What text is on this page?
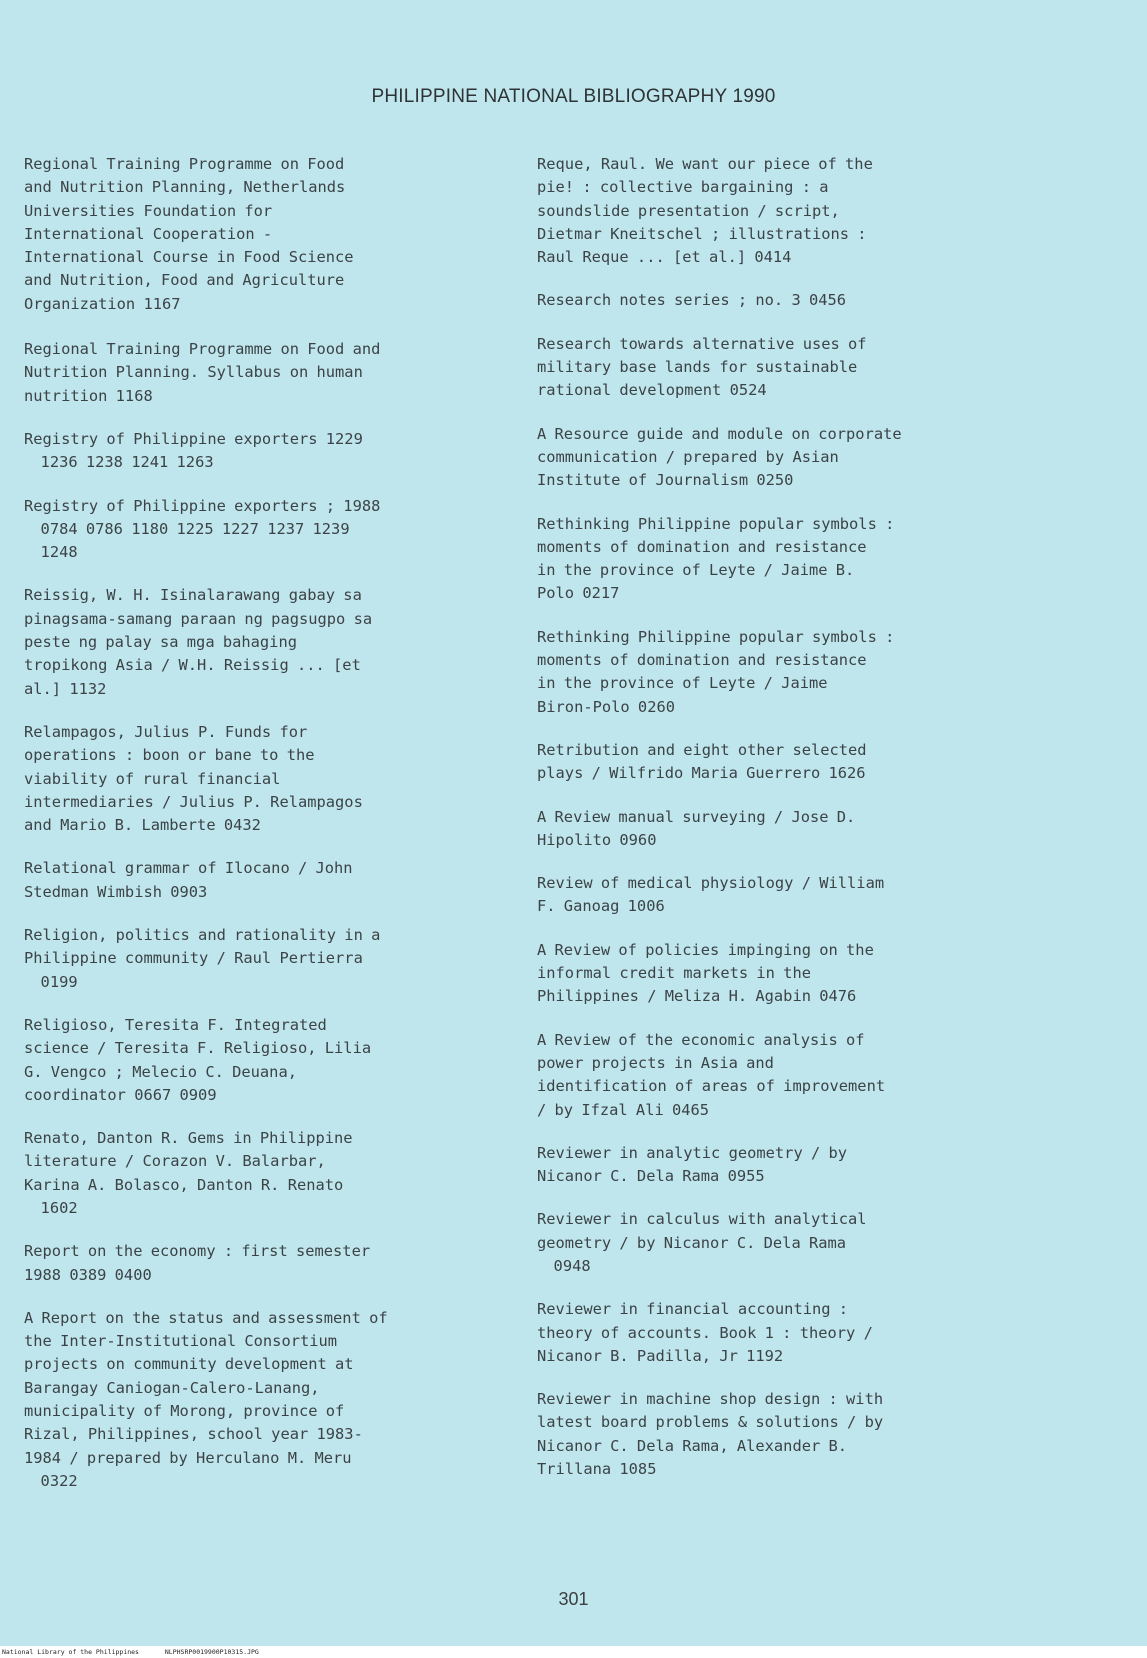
PHILIPPINE NATIONAL BIBLIOGRAPHY 1990
Regional Training Programme on Food
and Nutrition Planning, Netherlands
Universities Foundation for
International Cooperation -
International Course in Food Science
and Nutrition, Food and Agriculture
Organization 1167
Regional Training Programme on Food and
Nutrition Planning. Syllabus on human
nutrition 1168
Registry of Philippine exporters 1229
1236 1238 1241 1263
Registry of Philippine exporters ; 1988
0784 0786 1180 1225 1227 1237 1239
1248
Reissig, W. H. Isinalarawang gabay sa
pinagsama-samang paraan ng pagsugpo sa
peste ng palay sa mga bahaging
tropikong Asia / W.H. Reissig ... [et
al.] 1132
Relampagos, Julius P. Funds for
operations : boon or bane to the
viability of rural financial
intermediaries / Julius P. Relampagos
and Mario B. Lamberte 0432
Relational grammar of Ilocano / John
Stedman Wimbish 0903
Religion, politics and rationality in a
Philippine community / Raul Pertierra
0199
Religioso, Teresita F. Integrated
science / Teresita F. Religioso, Lilia
G. Vengco ; Melecio C. Deuana,
coordinator 0667 0909
Renato, Danton R. Gems in Philippine
literature / Corazon V. Balarbar,
Karina A. Bolasco, Danton R. Renato
1602
Report on the economy : first semester
1988 0389 0400
A Report on the status and assessment of
the Inter-Institutional Consortium
projects on community development at
Barangay Caniogan-Calero-Lanang,
municipality of Morong, province of
Rizal, Philippines, school year 1983-
1984 / prepared by Herculano M. Meru
0322
Reque, Raul. We want our piece of the
pie! : collective bargaining : a
soundslide presentation / script,
Dietmar Kneitschel ; illustrations :
Raul Reque ... [et al.] 0414
Research notes series ; no. 3 0456
Research towards alternative uses of
military base lands for sustainable
rational development 0524
A Resource guide and module on corporate
communication / prepared by Asian
Institute of Journalism 0250
Rethinking Philippine popular symbols :
moments of domination and resistance
in the province of Leyte / Jaime B.
Polo 0217
Rethinking Philippine popular symbols :
moments of domination and resistance
in the province of Leyte / Jaime
Biron-Polo 0260
Retribution and eight other selected
plays / Wilfrido Maria Guerrero 1626
A Review manual surveying / Jose D.
Hipolito 0960
Review of medical physiology / William
F. Ganoag 1006
A Review of policies impinging on the
informal credit markets in the
Philippines / Meliza H. Agabin 0476
A Review of the economic analysis of
power projects in Asia and
identification of areas of improvement
/ by Ifzal Ali 0465
Reviewer in analytic geometry / by
Nicanor C. Dela Rama 0955
Reviewer in calculus with analytical
geometry / by Nicanor C. Dela Rama
0948
Reviewer in financial accounting :
theory of accounts. Book 1 : theory /
Nicanor B. Padilla, Jr 1192
Reviewer in machine shop design : with
latest board problems & solutions / by
Nicanor C. Dela Rama, Alexander B.
Trillana 1085
301
National Library of the Philippines	NLPHSRP0019900P10315.JPG
